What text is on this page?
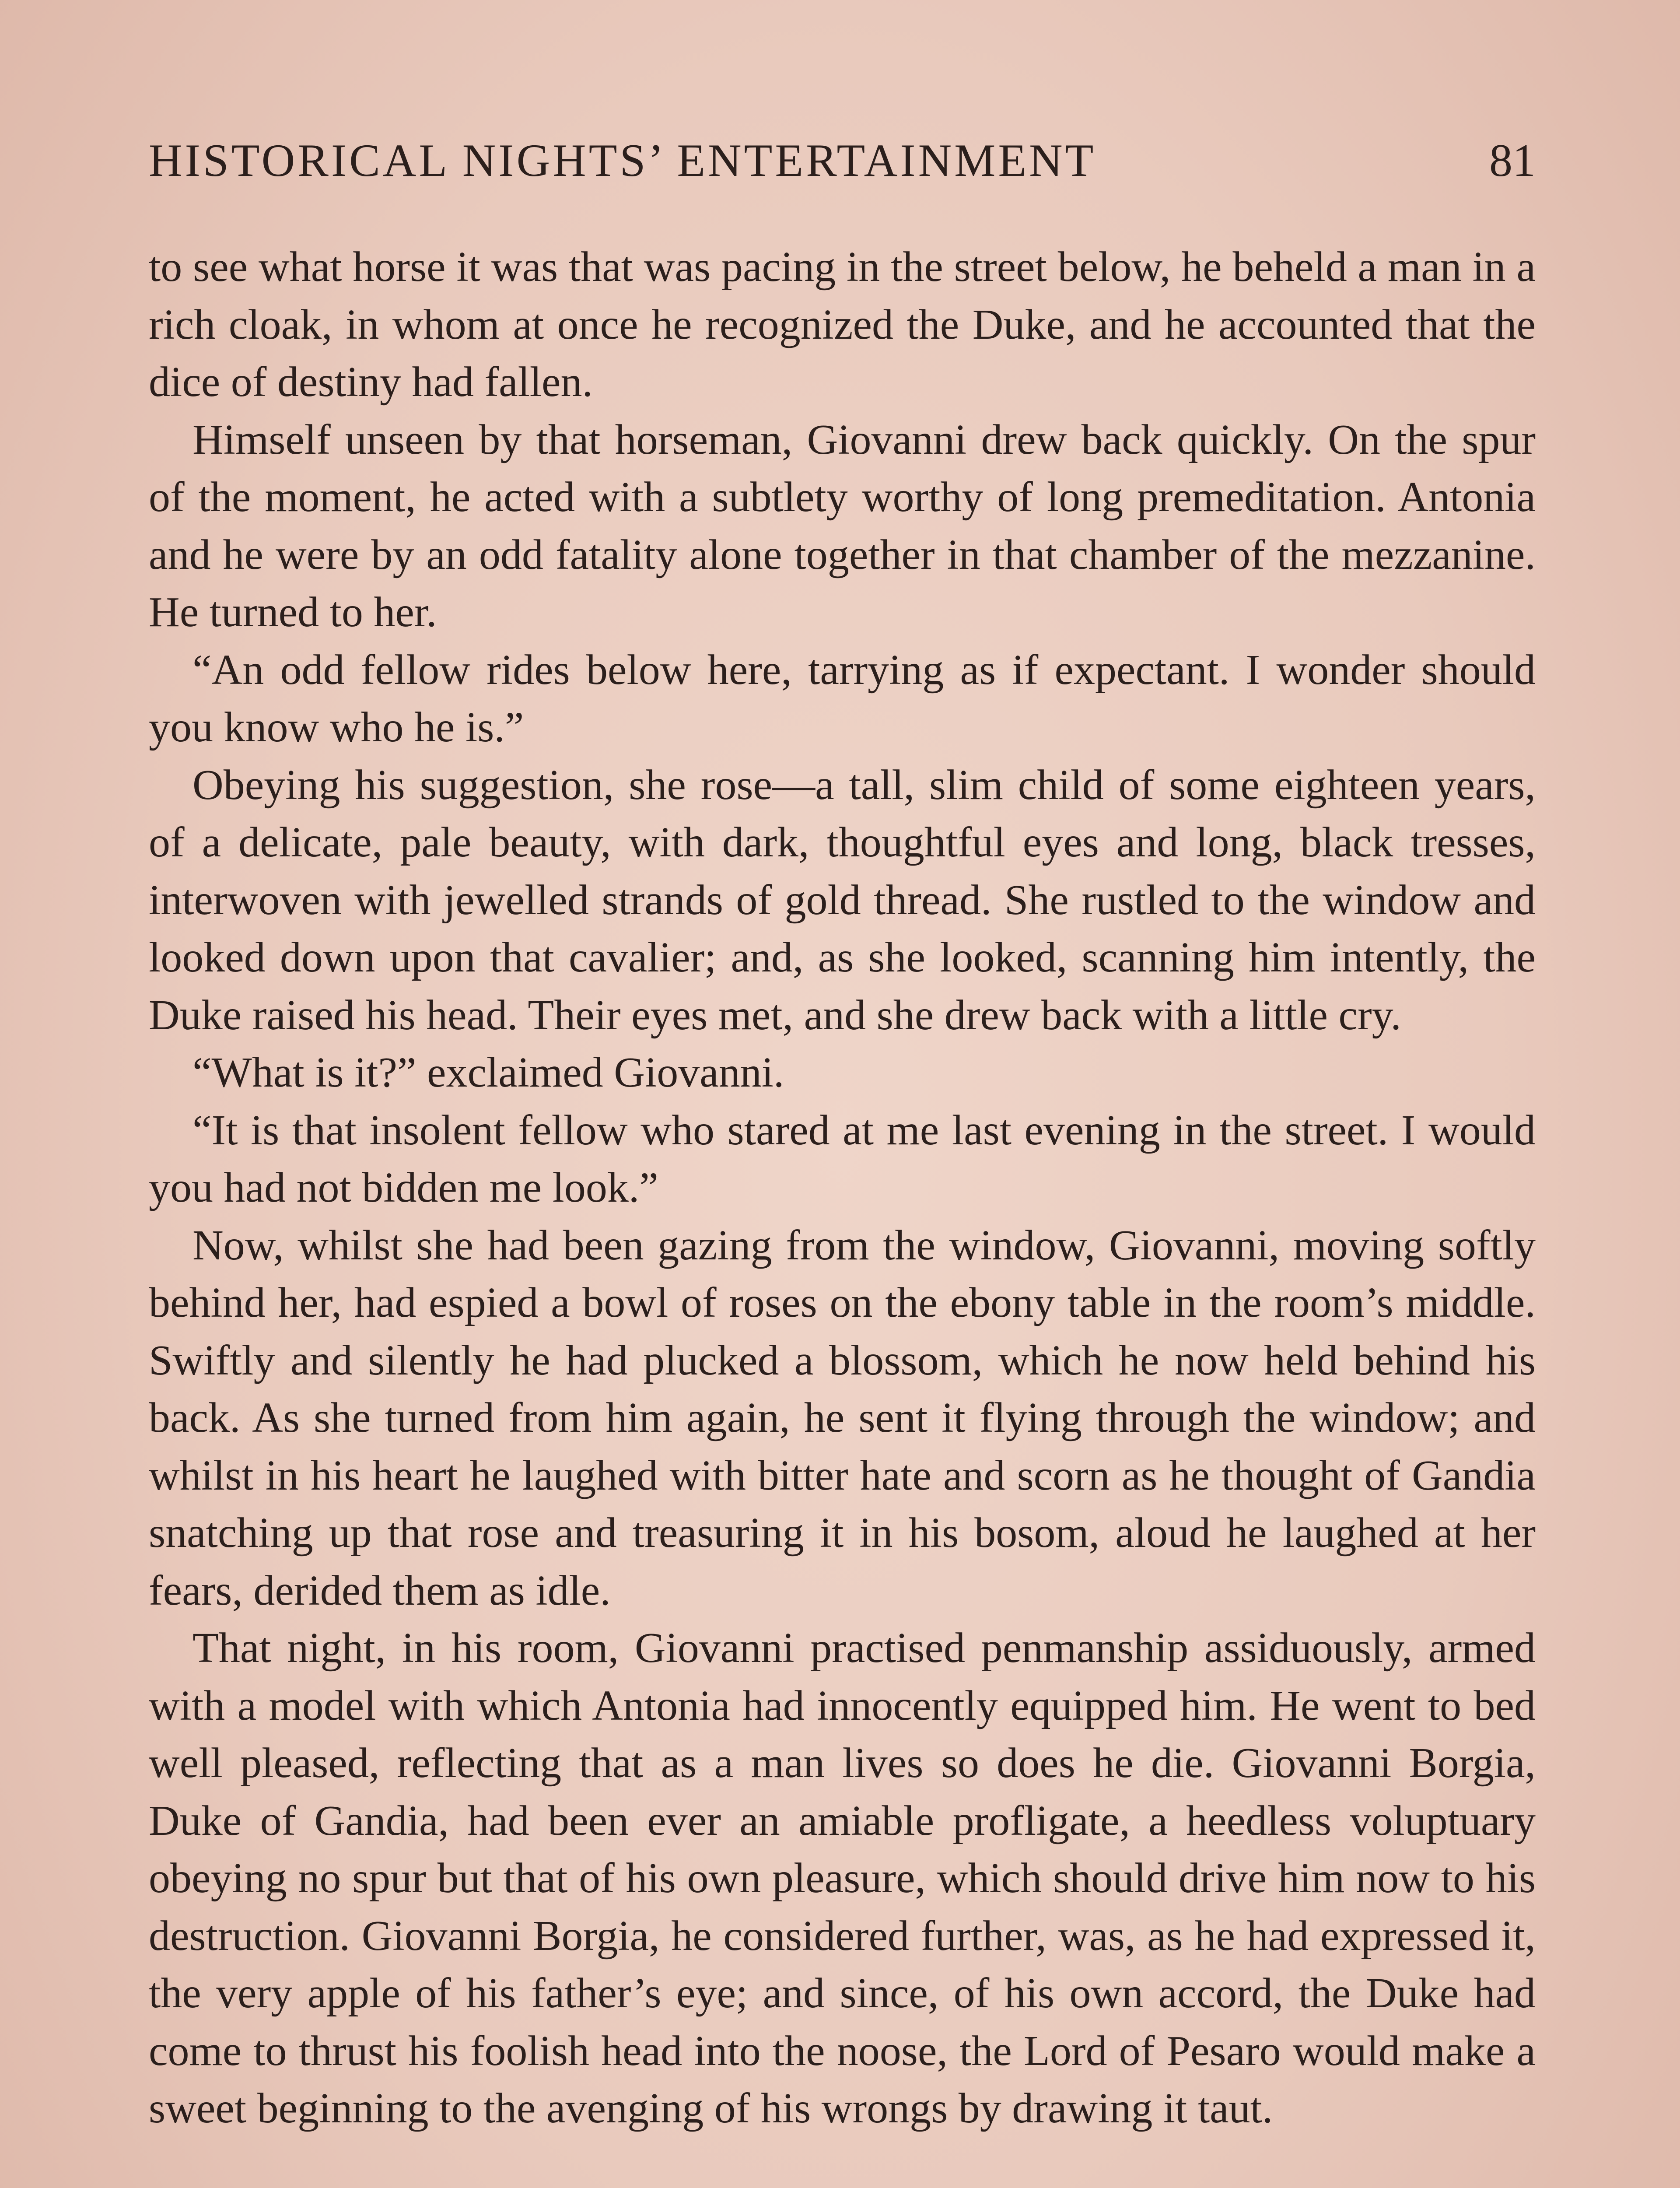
HISTORICAL NIGHTS’ ENTERTAINMENT	81

to see what horse it was that was pacing in the street below, he beheld a man in a rich cloak, in whom at once he recognized the Duke, and he accounted that the dice of destiny had fallen.

Himself unseen by that horseman, Giovanni drew back quickly. On the spur of the moment, he acted with a subtlety worthy of long premeditation. Antonia and he were by an odd fatality alone together in that chamber of the mezzanine. He turned to her.

“An odd fellow rides below here, tarrying as if expectant. I wonder should you know who he is.”

Obeying his suggestion, she rose—a tall, slim child of some eighteen years, of a delicate, pale beauty, with dark, thoughtful eyes and long, black tresses, interwoven with jewelled strands of gold thread. She rustled to the window and looked down upon that cavalier; and, as she looked, scanning him intently, the Duke raised his head. Their eyes met, and she drew back with a little cry.

“What is it?” exclaimed Giovanni.

“It is that insolent fellow who stared at me last evening in the street. I would you had not bidden me look.”

Now, whilst she had been gazing from the window, Giovanni, moving softly behind her, had espied a bowl of roses on the ebony table in the room’s middle. Swiftly and silently he had plucked a blossom, which he now held behind his back. As she turned from him again, he sent it flying through the window; and whilst in his heart he laughed with bitter hate and scorn as he thought of Gandia snatching up that rose and treasuring it in his bosom, aloud he laughed at her fears, derided them as idle.

That night, in his room, Giovanni practised penmanship assiduously, armed with a model with which Antonia had innocently equipped him. He went to bed well pleased, reflecting that as a man lives so does he die. Giovanni Borgia, Duke of Gandia, had been ever an amiable profligate, a heedless voluptuary obeying no spur but that of his own pleasure, which should drive him now to his destruction. Giovanni Borgia, he considered further, was, as he had expressed it, the very apple of his father’s eye; and since, of his own accord, the Duke had come to thrust his foolish head into the noose, the Lord of Pesaro would make a sweet beginning to the avenging of his wrongs by drawing it taut.
